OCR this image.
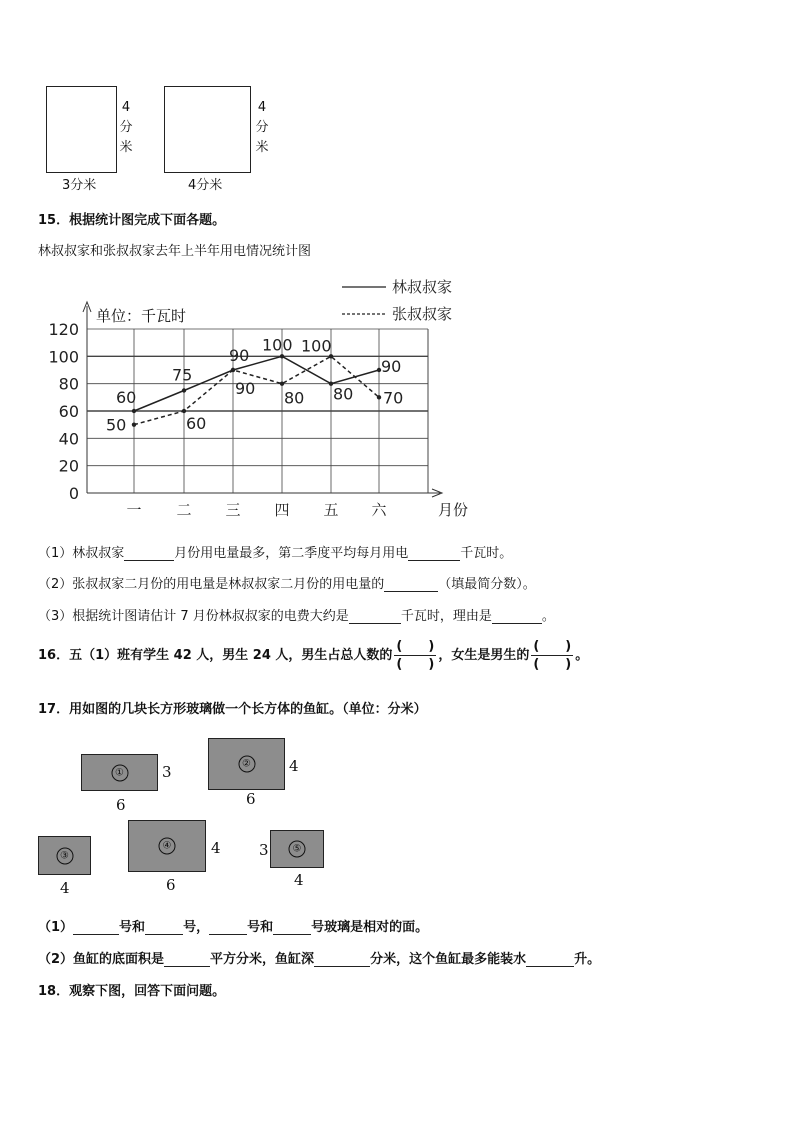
4
分
米
3分米
4
分
米
4分米
15．根据统计图完成下面各题。
林叔叔家和张叔叔家去年上半年用电情况统计图
0
20
40
60
80
100
120
一 二 三 四 五 六
60
75
90
100
80
90
50	60
90
80
100
70
林叔叔家
张叔叔家
单位：千瓦时
月份
（1）林叔叔家	月份用电量最多，第二季度平均每月用电	千瓦时。
（2）张叔叔家二月份的用电量是林叔叔家二月份的用电量的	（填最简分数）。
（3）根据统计图请估计 7 月份林叔叔家的电费大约是	千瓦时，理由是	。
16．五（1）班有学生 42 人，男生 24 人，男生占总人数的 $\frac{( )}{( )}$ ，女生是男生的 $\frac{( )}{( )}$ 。
17．用如图的几块长方形玻璃做一个长方体的鱼缸。（单位：分米）
①	3
6
②	4
6
③
4
④	4
6
⑤
3
4
（1）	号和	号，	号和	号玻璃是相对的面。
（2）鱼缸的底面积是	平方分米，鱼缸深	分米，这个鱼缸最多能装水	升。
18．观察下图，回答下面问题。
